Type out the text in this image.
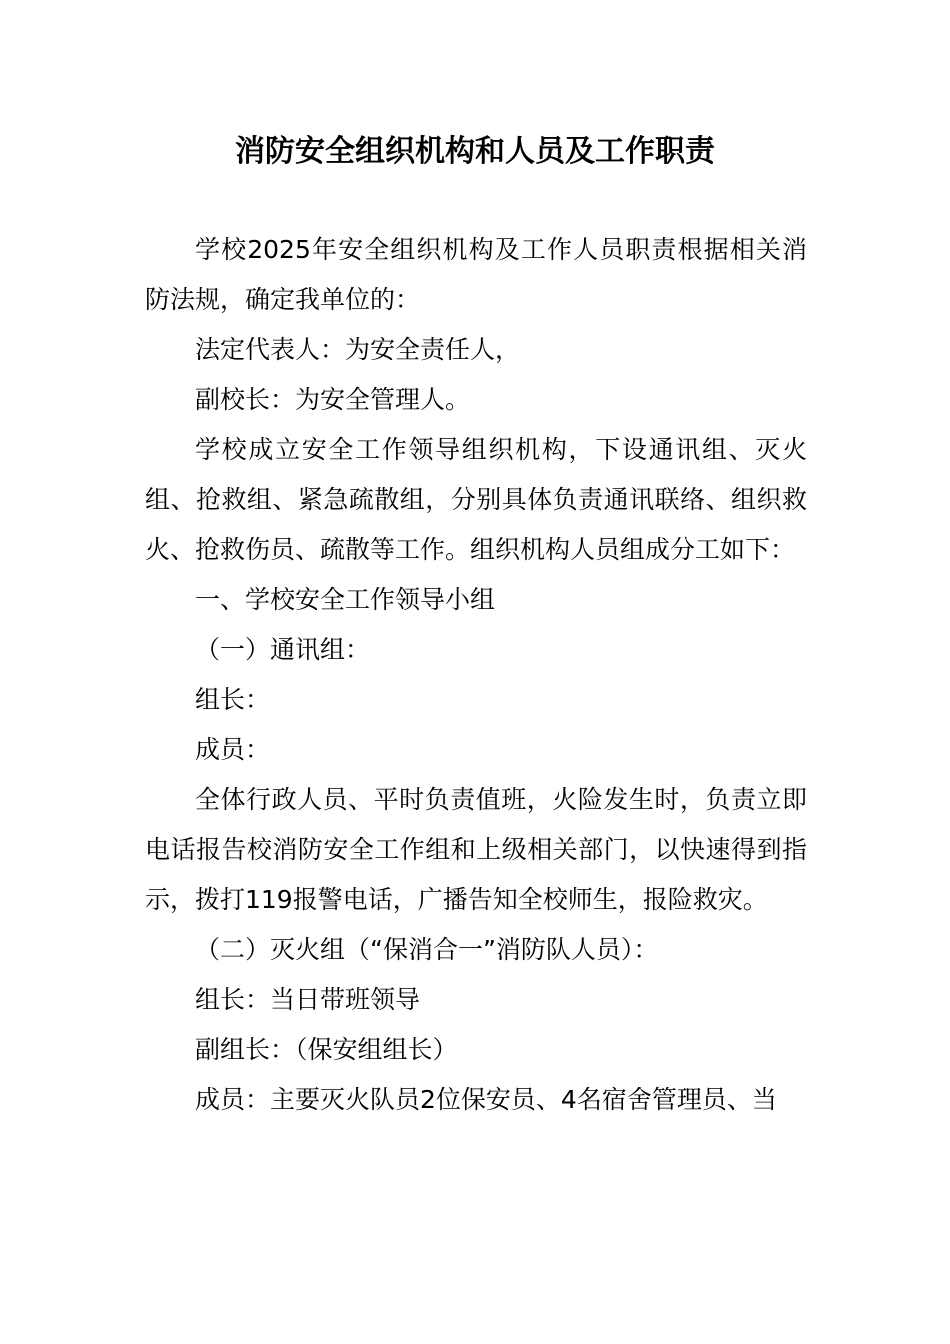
消防安全组织机构和人员及工作职责

学校2025年安全组织机构及工作人员职责根据相关消防法规，确定我单位的：

法定代表人：为安全责任人，

副校长：为安全管理人。

学校成立安全工作领导组织机构，下设通讯组、灭火组、抢救组、紧急疏散组，分别具体负责通讯联络、组织救火、抢救伤员、疏散等工作。组织机构人员组成分工如下：

一、学校安全工作领导小组

（一）通讯组：

组长：

成员：

全体行政人员、平时负责值班，火险发生时，负责立即电话报告校消防安全工作组和上级相关部门，以快速得到指示，拨打119报警电话，广播告知全校师生，报险救灾。

（二）灭火组（“保消合一”消防队人员）：

组长：当日带班领导

副组长：（保安组组长）

成员：主要灭火队员2位保安员、4名宿舍管理员、当
